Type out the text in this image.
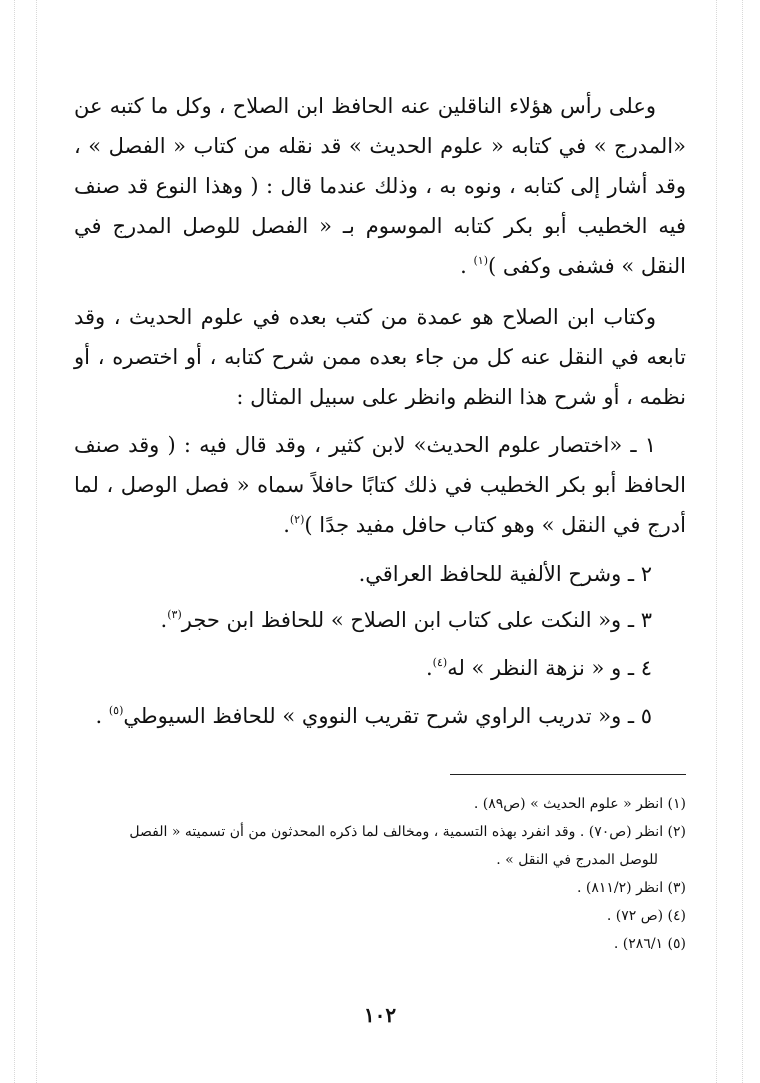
وعلى رأس هؤلاء الناقلين عنه الحافظ ابن الصلاح ، وكل ما كتبه عن «المدرج » في كتابه « علوم الحديث » قد نقله من كتاب « الفصل » ، وقد أشار إلى كتابه ، ونوه به ، وذلك عندما قال : ( وهذا النوع قد صنف فيه الخطيب أبو بكر كتابه الموسوم بـ « الفصل للوصل المدرج في النقل » فشفى وكفى )$^{(١)}$ .

وكتاب ابن الصلاح هو عمدة من كتب بعده في علوم الحديث ، وقد تابعه في النقل عنه كل من جاء بعده ممن شرح كتابه ، أو اختصره ، أو نظمه ، أو شرح هذا النظم وانظر على سبيل المثال :

١ ـ «اختصار علوم الحديث» لابن كثير ، وقد قال فيه : ( وقد صنف الحافظ أبو بكر الخطيب في ذلك كتابًا حافلاً سماه « فصل الوصل ، لما أدرج في النقل » وهو كتاب حافل مفيد جدًا )$^{(٢)}$.

٢ ـ وشرح الألفية للحافظ العراقي.
٣ ـ و« النكت على كتاب ابن الصلاح » للحافظ ابن حجر$^{(٣)}$.
٤ ـ و « نزهة النظر » له$^{(٤)}$.
٥ ـ و« تدريب الراوي شرح تقريب النووي » للحافظ السيوطي$^{(٥)}$ .

(١) انظر « علوم الحديث » (ص٨٩) .

(٢) انظر (ص٧٠) . وقد انفرد بهذه التسمية ، ومخالف لما ذكره المحدثون من أن تسميته « الفصل

للوصل المدرج في النقل » .

(٣) انظر (٨١١/٢) .

(٤) (ص ٧٢) .

(٥) ٢٨٦/١) .

١٠٢
